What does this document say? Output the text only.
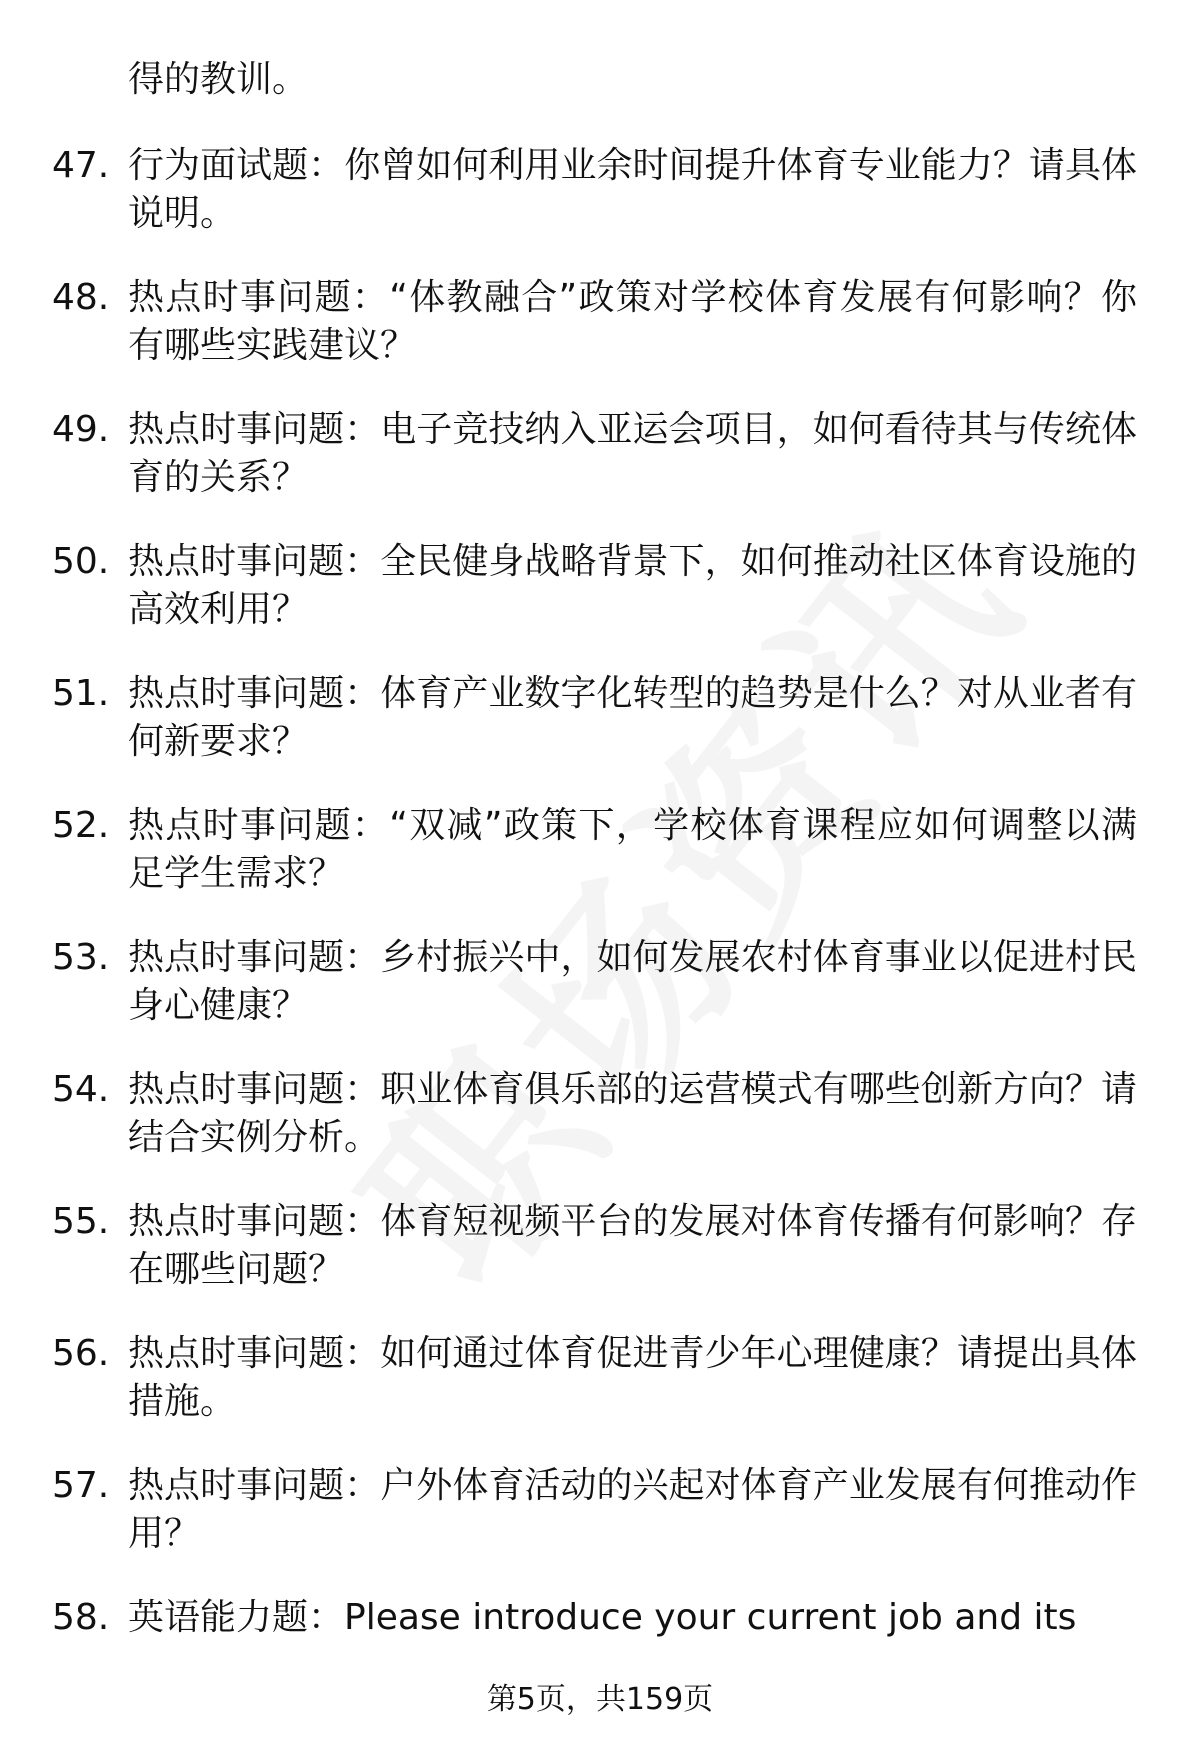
得的教训。
47. 行为面试题：你曾如何利用业余时间提升体育专业能力？请具体说明。
48. 热点时事问题：“体教融合”政策对学校体育发展有何影响？你有哪些实践建议？
49. 热点时事问题：电子竞技纳入亚运会项目，如何看待其与传统体育的关系？
50. 热点时事问题：全民健身战略背景下，如何推动社区体育设施的高效利用？
51. 热点时事问题：体育产业数字化转型的趋势是什么？对从业者有何新要求？
52. 热点时事问题：“双减”政策下，学校体育课程应如何调整以满足学生需求？
53. 热点时事问题：乡村振兴中，如何发展农村体育事业以促进村民身心健康？
54. 热点时事问题：职业体育俱乐部的运营模式有哪些创新方向？请结合实例分析。
55. 热点时事问题：体育短视频平台的发展对体育传播有何影响？存在哪些问题？
56. 热点时事问题：如何通过体育促进青少年心理健康？请提出具体措施。
57. 热点时事问题：户外体育活动的兴起对体育产业发展有何推动作用？
58. 英语能力题：Please introduce your current job and its
第5页，共159页
